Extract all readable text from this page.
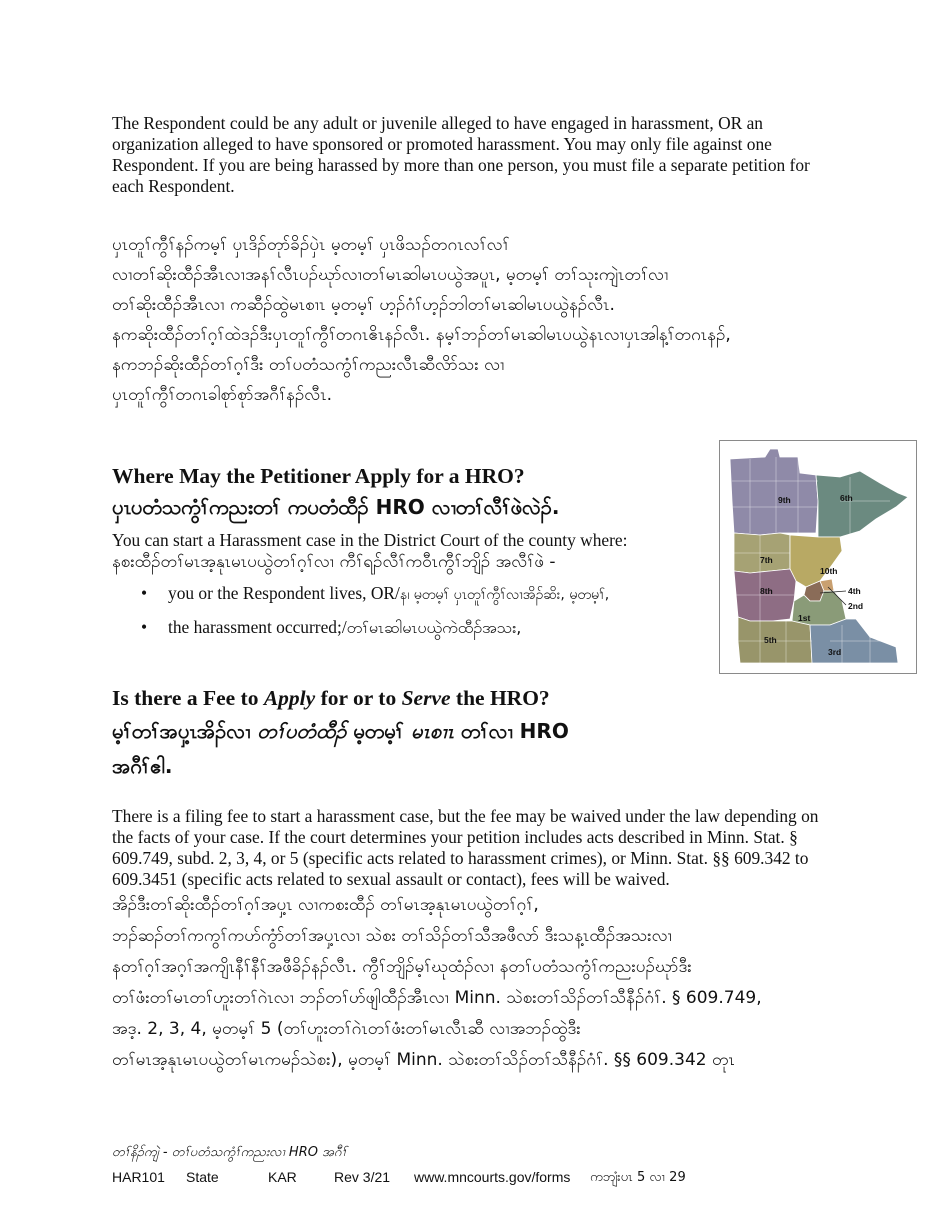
The Respondent could be any adult or juvenile alleged to have engaged in harassment, OR an organization alleged to have sponsored or promoted harassment. You may only file against one Respondent. If you are being harassed by more than one person, you must file a separate petition for each Respondent.

ပှၤတူၢ်ကွီၢ်နၣ်ကမ့ၢ် ပှၤဒိၣ်တုာ်ခိၣ်ပှဲၤ မ့တမ့ၢ် ပှၤဖိသၣ်တဂၤလၢ်လၢ်

လၢတၢ်ဆိုးထီၣ်အီၤလၢအနၢ်လီၤပၣ်ဃုာ်လၢတၢ်မၤဆါမၤပယွဲအပူၤ, မ့တမ့ၢ် တၢ်သုးကျဲၤတၢ်လၢ

တၢ်ဆိုးထီၣ်အီၤလၢ ကဆီၣ်ထွဲမၤစၢၤ မ့တမ့ၢ် ဟ့ၣ်ဂံၢ်ဟ့ၣ်ဘါတၢ်မၤဆါမၤပယွဲနၣ်လီၤ.

နကဆိုးထီၣ်တၢ်ဂ့ၢ်ထဲဒၣ်ဒီးပှၤတူၢ်ကွီၢ်တဂၤဧိၤနၣ်လီၤ. နမ့ၢ်ဘၣ်တၢ်မၤဆါမၤပယွဲနၤလၢပှၤအါန့ၢ်တဂၤနၣ်,

နကဘၣ်ဆိုးထီၣ်တၢ်ဂ့ၢ်ဒီး တၢ်ပတံသကွံၢ်ကညးလီၤဆီလိာ်သး လၢ

ပှၤတူၢ်ကွီၢ်တဂၤခါစုာ်စုာ်အဂီၢ်နၣ်လီၤ.

Where May the Petitioner Apply for a HRO?
ပှၤပတံသကွံၢ်ကညးတၢ် ကပတံထီၣ် HRO လၢတၢ်လီၢ်ဖဲလဲၣ်.

You can start a Harassment case in the District Court of the county where:

နစးထီၣ်တၢ်မၤအ့နုၤမၤပယွဲတၢ်ဂ့ၢ်လၢ ကီၢ်ရၣ်လီၢ်ကဝီၤကွီၢ်ဘျိၣ် အလီၢ်ဖဲ -

• you or the Respondent lives, OR/န၊ မ့တမ့ၢ် ပှၤတူၢ်ကွီၢ်လၢအိၣ်ဆိး, မ့တမ့ၢ်,
• the harassment occurred;/တၢ်မၤဆါမၤပယွဲကဲထီၣ်အသး,
9th	6th
7th
10th
4th
8th
2nd
1st
5th
3rd
Is there a Fee to Apply for or to Serve the HRO?
မ့ၢ်တၢ်အပှ့ၤအိၣ်လၢ တၢ်ပတံထီၣ် မ့တမ့ၢ် မၤစၢၤ တၢ်လၢ HRO
အဂီၢ်ဧါ.

There is a filing fee to start a harassment case, but the fee may be waived under the law depending on the facts of your case. If the court determines your petition includes acts described in Minn. Stat. § 609.749, subd. 2, 3, 4, or 5 (specific acts related to harassment crimes), or Minn. Stat. §§ 609.342 to 609.3451 (specific acts related to sexual assault or contact), fees will be waived.

အိၣ်ဒီးတၢ်ဆိုးထီၣ်တၢ်ဂ့ၢ်အပှ့ၤ လၢကစးထီၣ် တၢ်မၤအ့နုၤမၤပယွဲတၢ်ဂ့ၢ်,

ဘၣ်ဆၣ်တၢ်ကကွၢ်ကဟ်ကွံာ်တၢ်အပှ့ၤလၢ သဲစး တၢ်သိၣ်တၢ်သီအဖီလာ် ဒီးသန့ၤထီၣ်အသးလၢ

နတၢ်ဂ့ၢ်အဂ့ၢ်အကျိၤနီၢ်နီၢ်အဖီခိၣ်နၣ်လီၤ. ကွီၢ်ဘျိၣ်မ့ၢ်ဃုထံၣ်လၢ နတၢ်ပတံသကွံၢ်ကညးပၣ်ဃုာ်ဒီး

တၢ်ဖံးတၢ်မၤတၢ်ဟူးတၢ်ဂဲၤလၢ ဘၣ်တၢ်ဟ်ဖျါထီၣ်အီၤလၢ Minn. သဲစးတၢ်သိၣ်တၢ်သီနီၣ်ဂံၢ်. § 609.749,

အဒ့. 2, 3, 4, မ့တမ့ၢ် 5 (တၢ်ဟူးတၢ်ဂဲၤတၢ်ဖံးတၢ်မၤလီၤဆီ လၢအဘၣ်ထွဲဒီး

တၢ်မၤအ့နုၤမၤပယွဲတၢ်မၤကမၣ်သဲစး), မ့တမ့ၢ် Minn. သဲစးတၢ်သိၣ်တၢ်သီနီၣ်ဂံၢ်. §§ 609.342 တုၤ

တၢ်နိၣ်ကျဲ - တၢ်ပတံသကွံၢ်ကညးလၢ HRO အဂီၢ်
HAR101	State	KAR	Rev 3/21	www.mncourts.gov/forms	ကဘျံးပၤ 5 လၢ 29
